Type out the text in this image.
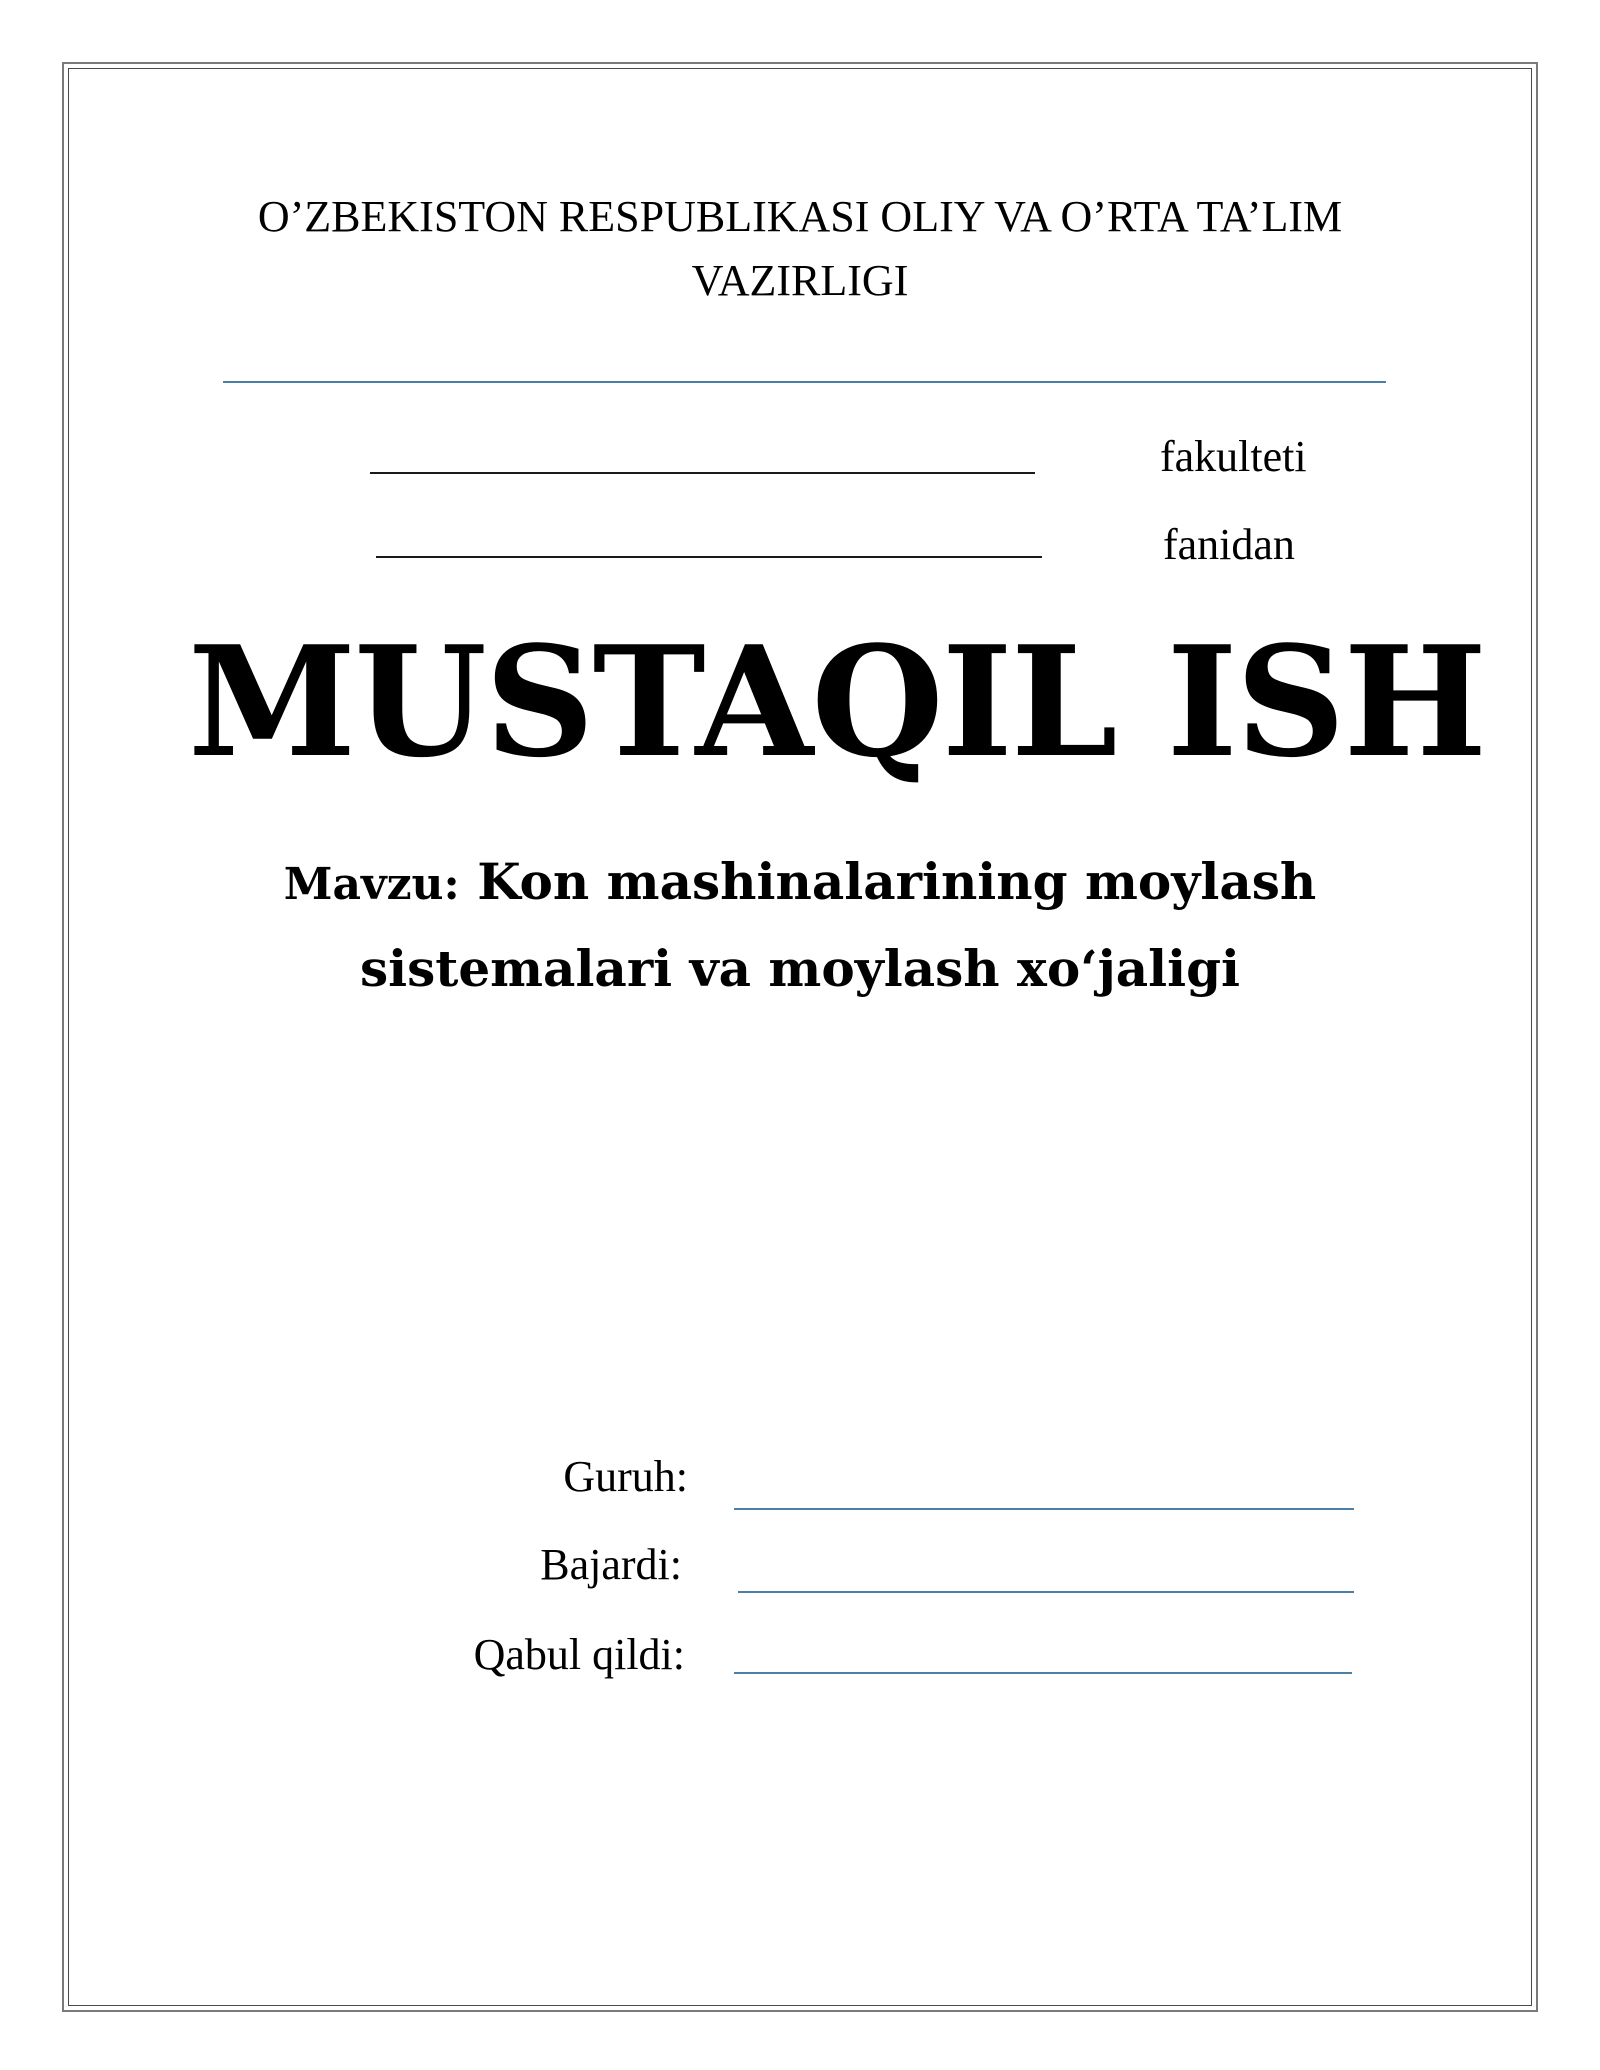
O’ZBEKISTON RESPUBLIKASI OLIY VA O’RTA TA’LIM
VAZIRLIGI
fakulteti
fanidan
MUSTAQIL ISH
Mavzu: Kon mashinalarining moylash
sistemalari va moylash xo‘jaligi
Guruh:
Bajardi:
Qabul qildi:
